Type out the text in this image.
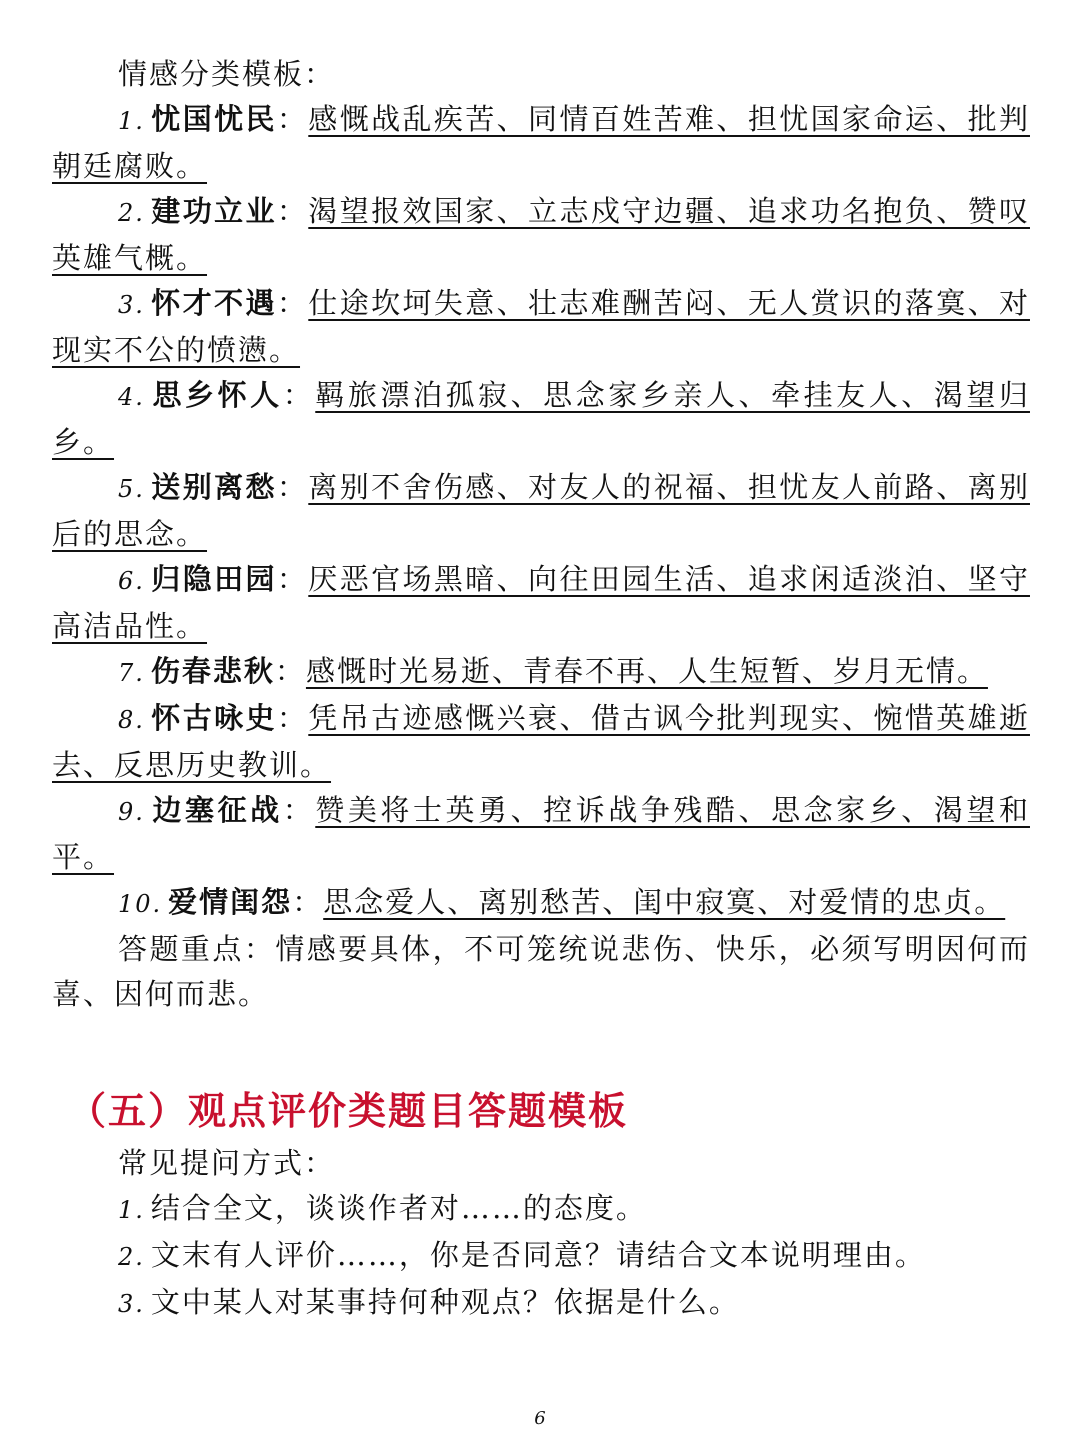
情感分类模板：

1. 忧国忧民：感慨战乱疾苦、同情百姓苦难、担忧国家命运、批判朝廷腐败。

2. 建功立业：渴望报效国家、立志戍守边疆、追求功名抱负、赞叹英雄气概。

3. 怀才不遇：仕途坎坷失意、壮志难酬苦闷、无人赏识的落寞、对现实不公的愤懑。

4. 思乡怀人：羁旅漂泊孤寂、思念家乡亲人、牵挂友人、渴望归乡。

5. 送别离愁：离别不舍伤感、对友人的祝福、担忧友人前路、离别后的思念。

6. 归隐田园：厌恶官场黑暗、向往田园生活、追求闲适淡泊、坚守高洁品性。

7. 伤春悲秋：感慨时光易逝、青春不再、人生短暂、岁月无情。

8. 怀古咏史：凭吊古迹感慨兴衰、借古讽今批判现实、惋惜英雄逝去、反思历史教训。

9. 边塞征战：赞美将士英勇、控诉战争残酷、思念家乡、渴望和平。

10. 爱情闺怨：思念爱人、离别愁苦、闺中寂寞、对爱情的忠贞。

答题重点：情感要具体，不可笼统说悲伤、快乐，必须写明因何而喜、因何而悲。

（五）观点评价类题目答题模板

常见提问方式：

1. 结合全文，谈谈作者对……的态度。

2. 文末有人评价……，你是否同意？请结合文本说明理由。

3. 文中某人对某事持何种观点？依据是什么。

6
